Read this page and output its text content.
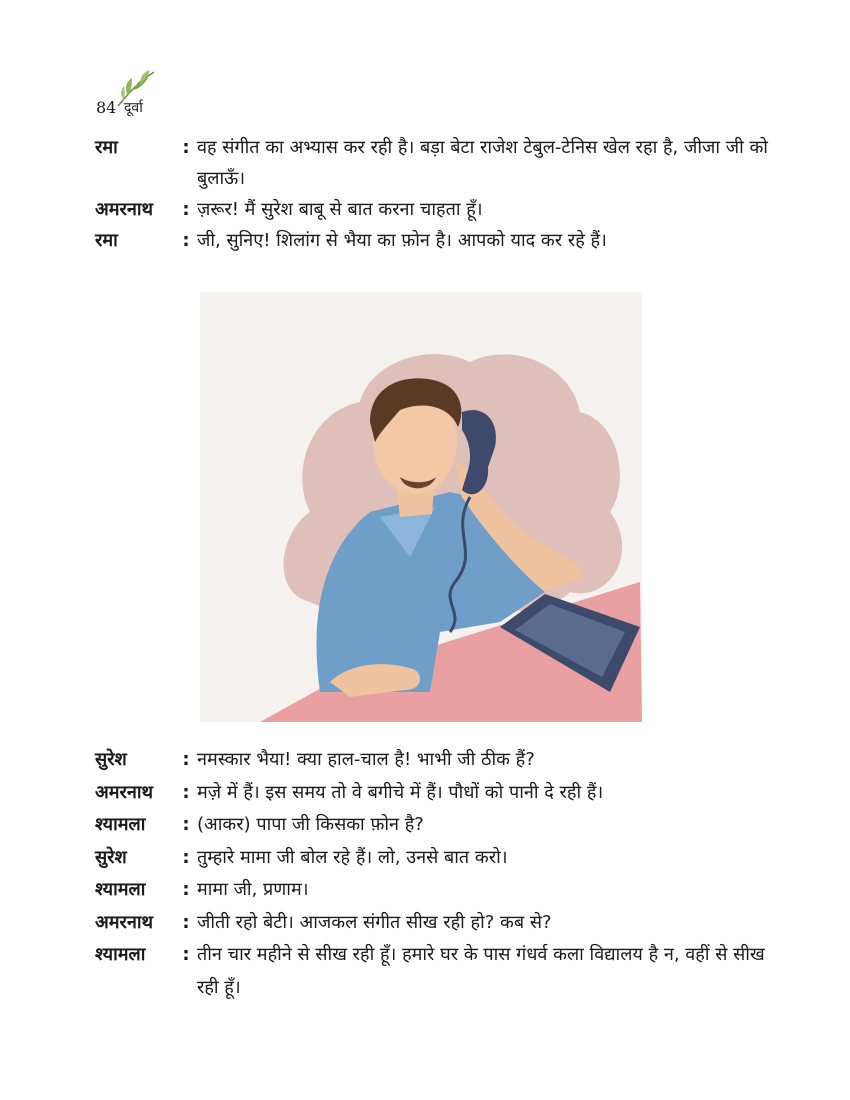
84 दूर्वा
रमा	: वह संगीत का अभ्यास कर रही है। बड़ा बेटा राजेश टेबुल-टेनिस खेल रहा है, जीजा जी को बुलाऊँ।
अमरनाथ	: ज़रूर! मैं सुरेश बाबू से बात करना चाहता हूँ।
रमा	: जी, सुनिए! शिलांग से भैया का फ़ोन है। आपको याद कर रहे हैं।
सुरेश	: नमस्कार भैया! क्या हाल-चाल है! भाभी जी ठीक हैं?
अमरनाथ	: मज़े में हैं। इस समय तो वे बगीचे में हैं। पौधों को पानी दे रही हैं।
श्यामला	: (आकर) पापा जी किसका फ़ोन है?
सुरेश	: तुम्हारे मामा जी बोल रहे हैं। लो, उनसे बात करो।
श्यामला	: मामा जी, प्रणाम।
अमरनाथ	: जीती रहो बेटी। आजकल संगीत सीख रही हो? कब से?
श्यामला	: तीन चार महीने से सीख रही हूँ। हमारे घर के पास गंधर्व कला विद्यालय है न, वहीं से सीख रही हूँ।
